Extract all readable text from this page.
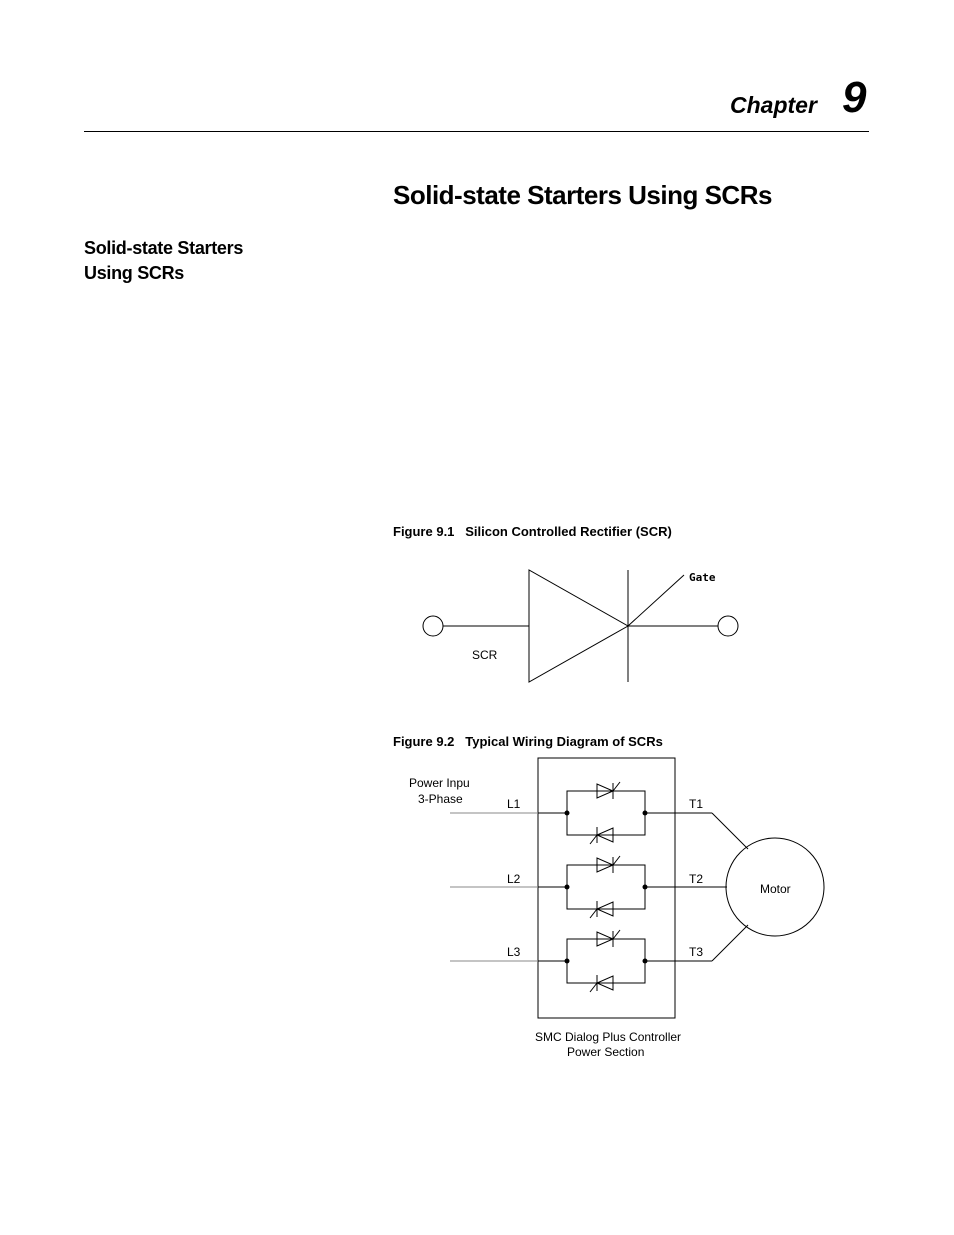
Chapter 9
Solid-state Starters Using SCRs
Solid-state Starters
Using SCRs
Figure 9.1   Silicon Controlled Rectifier (SCR)
Figure 9.2   Typical Wiring Diagram of SCRs
Gate
SCR
Power Inpu
3-Phase	L1
L2
L3
T1
T2
T3
Motor
SMC Dialog Plus Controller
Power Section
